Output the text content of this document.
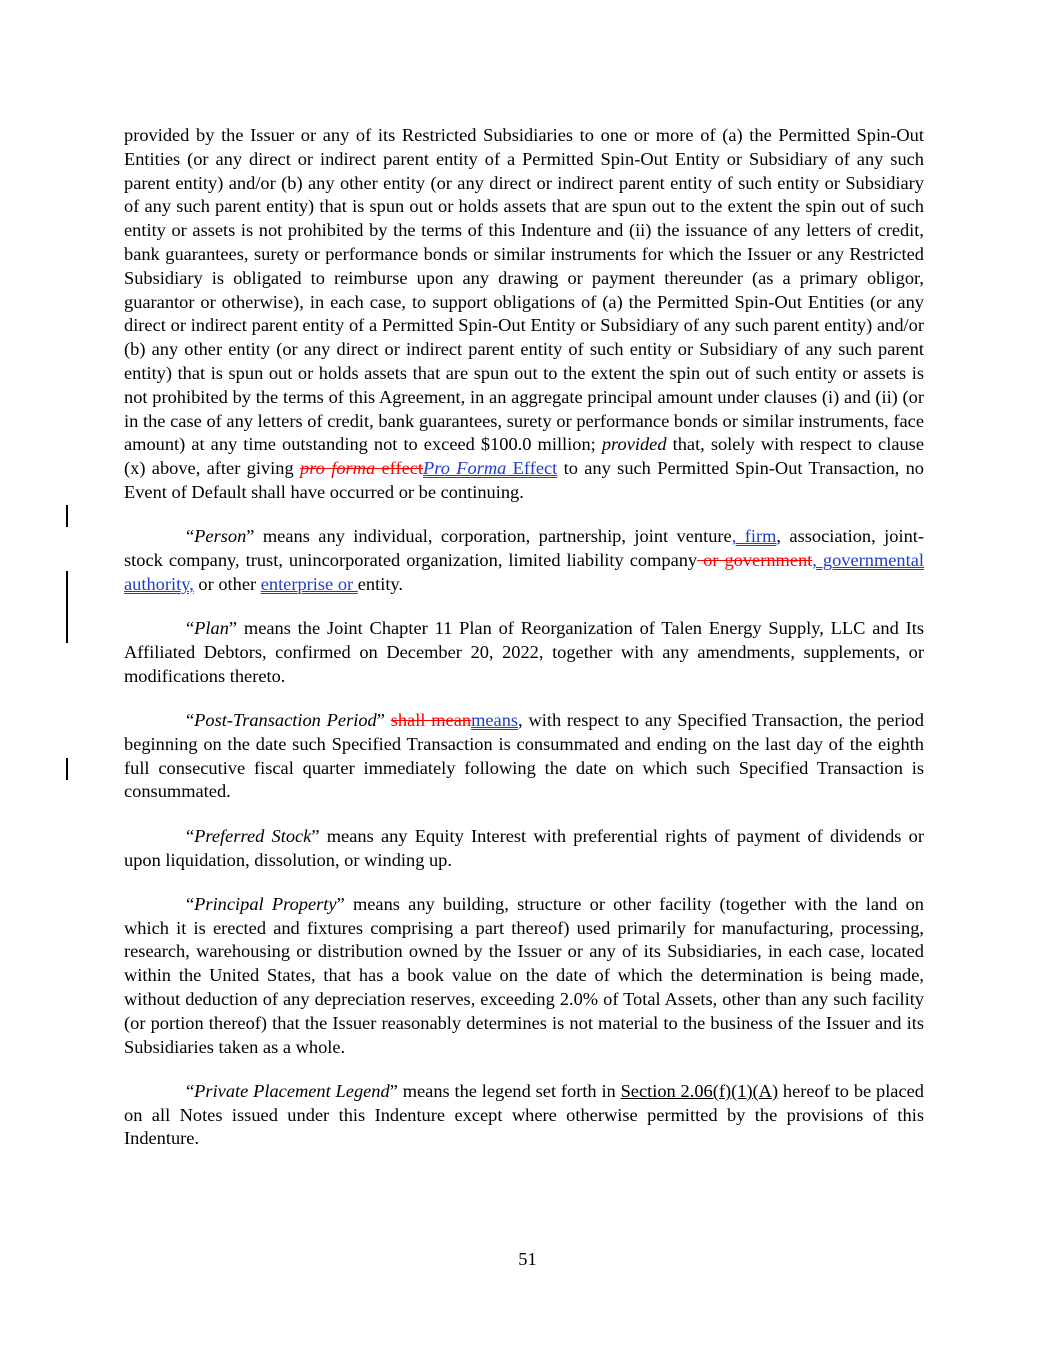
provided by the Issuer or any of its Restricted Subsidiaries to one or more of (a) the Permitted Spin-Out Entities (or any direct or indirect parent entity of a Permitted Spin-Out Entity or Subsidiary of any such parent entity) and/or (b) any other entity (or any direct or indirect parent entity of such entity or Subsidiary of any such parent entity) that is spun out or holds assets that are spun out to the extent the spin out of such entity or assets is not prohibited by the terms of this Indenture and (ii) the issuance of any letters of credit, bank guarantees, surety or performance bonds or similar instruments for which the Issuer or any Restricted Subsidiary is obligated to reimburse upon any drawing or payment thereunder (as a primary obligor, guarantor or otherwise), in each case, to support obligations of (a) the Permitted Spin-Out Entities (or any direct or indirect parent entity of a Permitted Spin-Out Entity or Subsidiary of any such parent entity) and/or (b) any other entity (or any direct or indirect parent entity of such entity or Subsidiary of any such parent entity) that is spun out or holds assets that are spun out to the extent the spin out of such entity or assets is not prohibited by the terms of this Agreement, in an aggregate principal amount under clauses (i) and (ii) (or in the case of any letters of credit, bank guarantees, surety or performance bonds or similar instruments, face amount) at any time outstanding not to exceed $100.0 million; provided that, solely with respect to clause (x) above, after giving pro forma effectPro Forma Effect to any such Permitted Spin-Out Transaction, no Event of Default shall have occurred or be continuing.

“Person” means any individual, corporation, partnership, joint venture, firm, association, joint-stock company, trust, unincorporated organization, limited liability company or government, governmental authority, or other enterprise or entity.

“Plan” means the Joint Chapter 11 Plan of Reorganization of Talen Energy Supply, LLC and Its Affiliated Debtors, confirmed on December 20, 2022, together with any amendments, supplements, or modifications thereto.

“Post-Transaction Period” shall meanmeans, with respect to any Specified Transaction, the period beginning on the date such Specified Transaction is consummated and ending on the last day of the eighth full consecutive fiscal quarter immediately following the date on which such Specified Transaction is consummated.

“Preferred Stock” means any Equity Interest with preferential rights of payment of dividends or upon liquidation, dissolution, or winding up.

“Principal Property” means any building, structure or other facility (together with the land on which it is erected and fixtures comprising a part thereof) used primarily for manufacturing, processing, research, warehousing or distribution owned by the Issuer or any of its Subsidiaries, in each case, located within the United States, that has a book value on the date of which the determination is being made, without deduction of any depreciation reserves, exceeding 2.0% of Total Assets, other than any such facility (or portion thereof) that the Issuer reasonably determines is not material to the business of the Issuer and its Subsidiaries taken as a whole.

“Private Placement Legend” means the legend set forth in Section 2.06(f)(1)(A) hereof to be placed on all Notes issued under this Indenture except where otherwise permitted by the provisions of this Indenture.

51
